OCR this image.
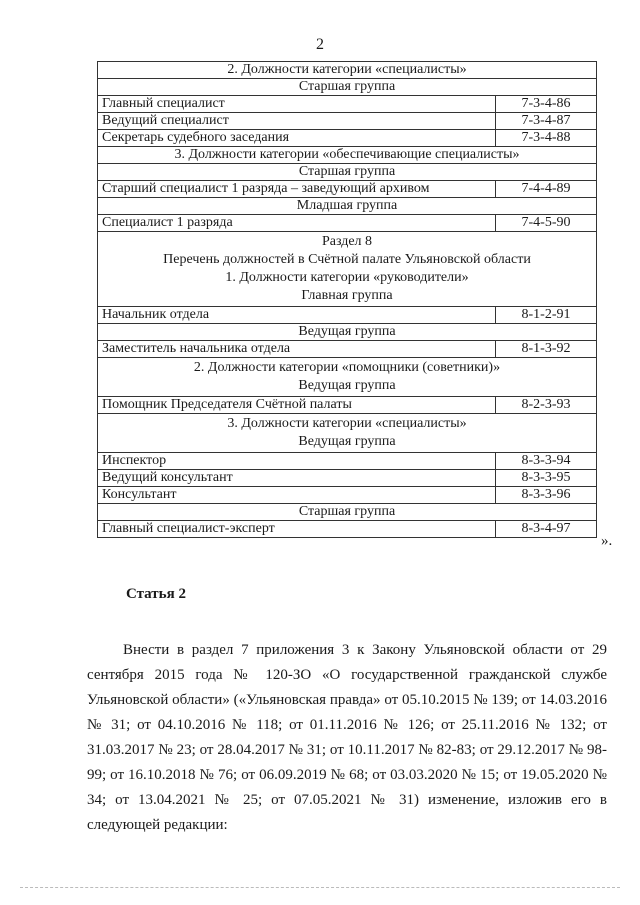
2
2. Должности категории «специалисты»	
Старшая группа	
Главный специалист	7-3-4-86
Ведущий специалист	7-3-4-87
Секретарь судебного заседания	7-3-4-88
3. Должности категории «обеспечивающие специалисты»	
Старшая группа	
Старший специалист 1 разряда – заведующий архивом	7-4-4-89
Младшая группа	
Специалист 1 разряда	7-4-5-90

Раздел 8
Перечень должностей в Счётной палате Ульяновской области
1. Должности категории «руководители»
Главная группа	

Начальник отдела	8-1-2-91
Ведущая группа	
Заместитель начальника отдела	8-1-3-92

2. Должности категории «помощники (советники)»
Ведущая группа	

Помощник Председателя Счётной палаты	8-2-3-93

3. Должности категории «специалисты»
Ведущая группа	

Инспектор	8-3-3-94
Ведущий консультант	8-3-3-95
Консультант	8-3-3-96
Старшая группа	
Главный специалист-эксперт	8-3-4-97
».
Статья 2

Внести в раздел 7 приложения 3 к Закону Ульяновской области от 29 сентября 2015 года № 120-ЗО «О государственной гражданской службе Ульяновской области» («Ульяновская правда» от 05.10.2015 № 139; от 14.03.2016 № 31; от 04.10.2016 № 118; от 01.11.2016 № 126; от 25.11.2016 № 132; от 31.03.2017 № 23; от 28.04.2017 № 31; от 10.11.2017 № 82-83; от 29.12.2017 № 98-99; от 16.10.2018 № 76; от 06.09.2019 № 68; от 03.03.2020 № 15; от 19.05.2020 № 34; от 13.04.2021 № 25; от 07.05.2021 № 31) изменение, изложив его в следующей редакции:
